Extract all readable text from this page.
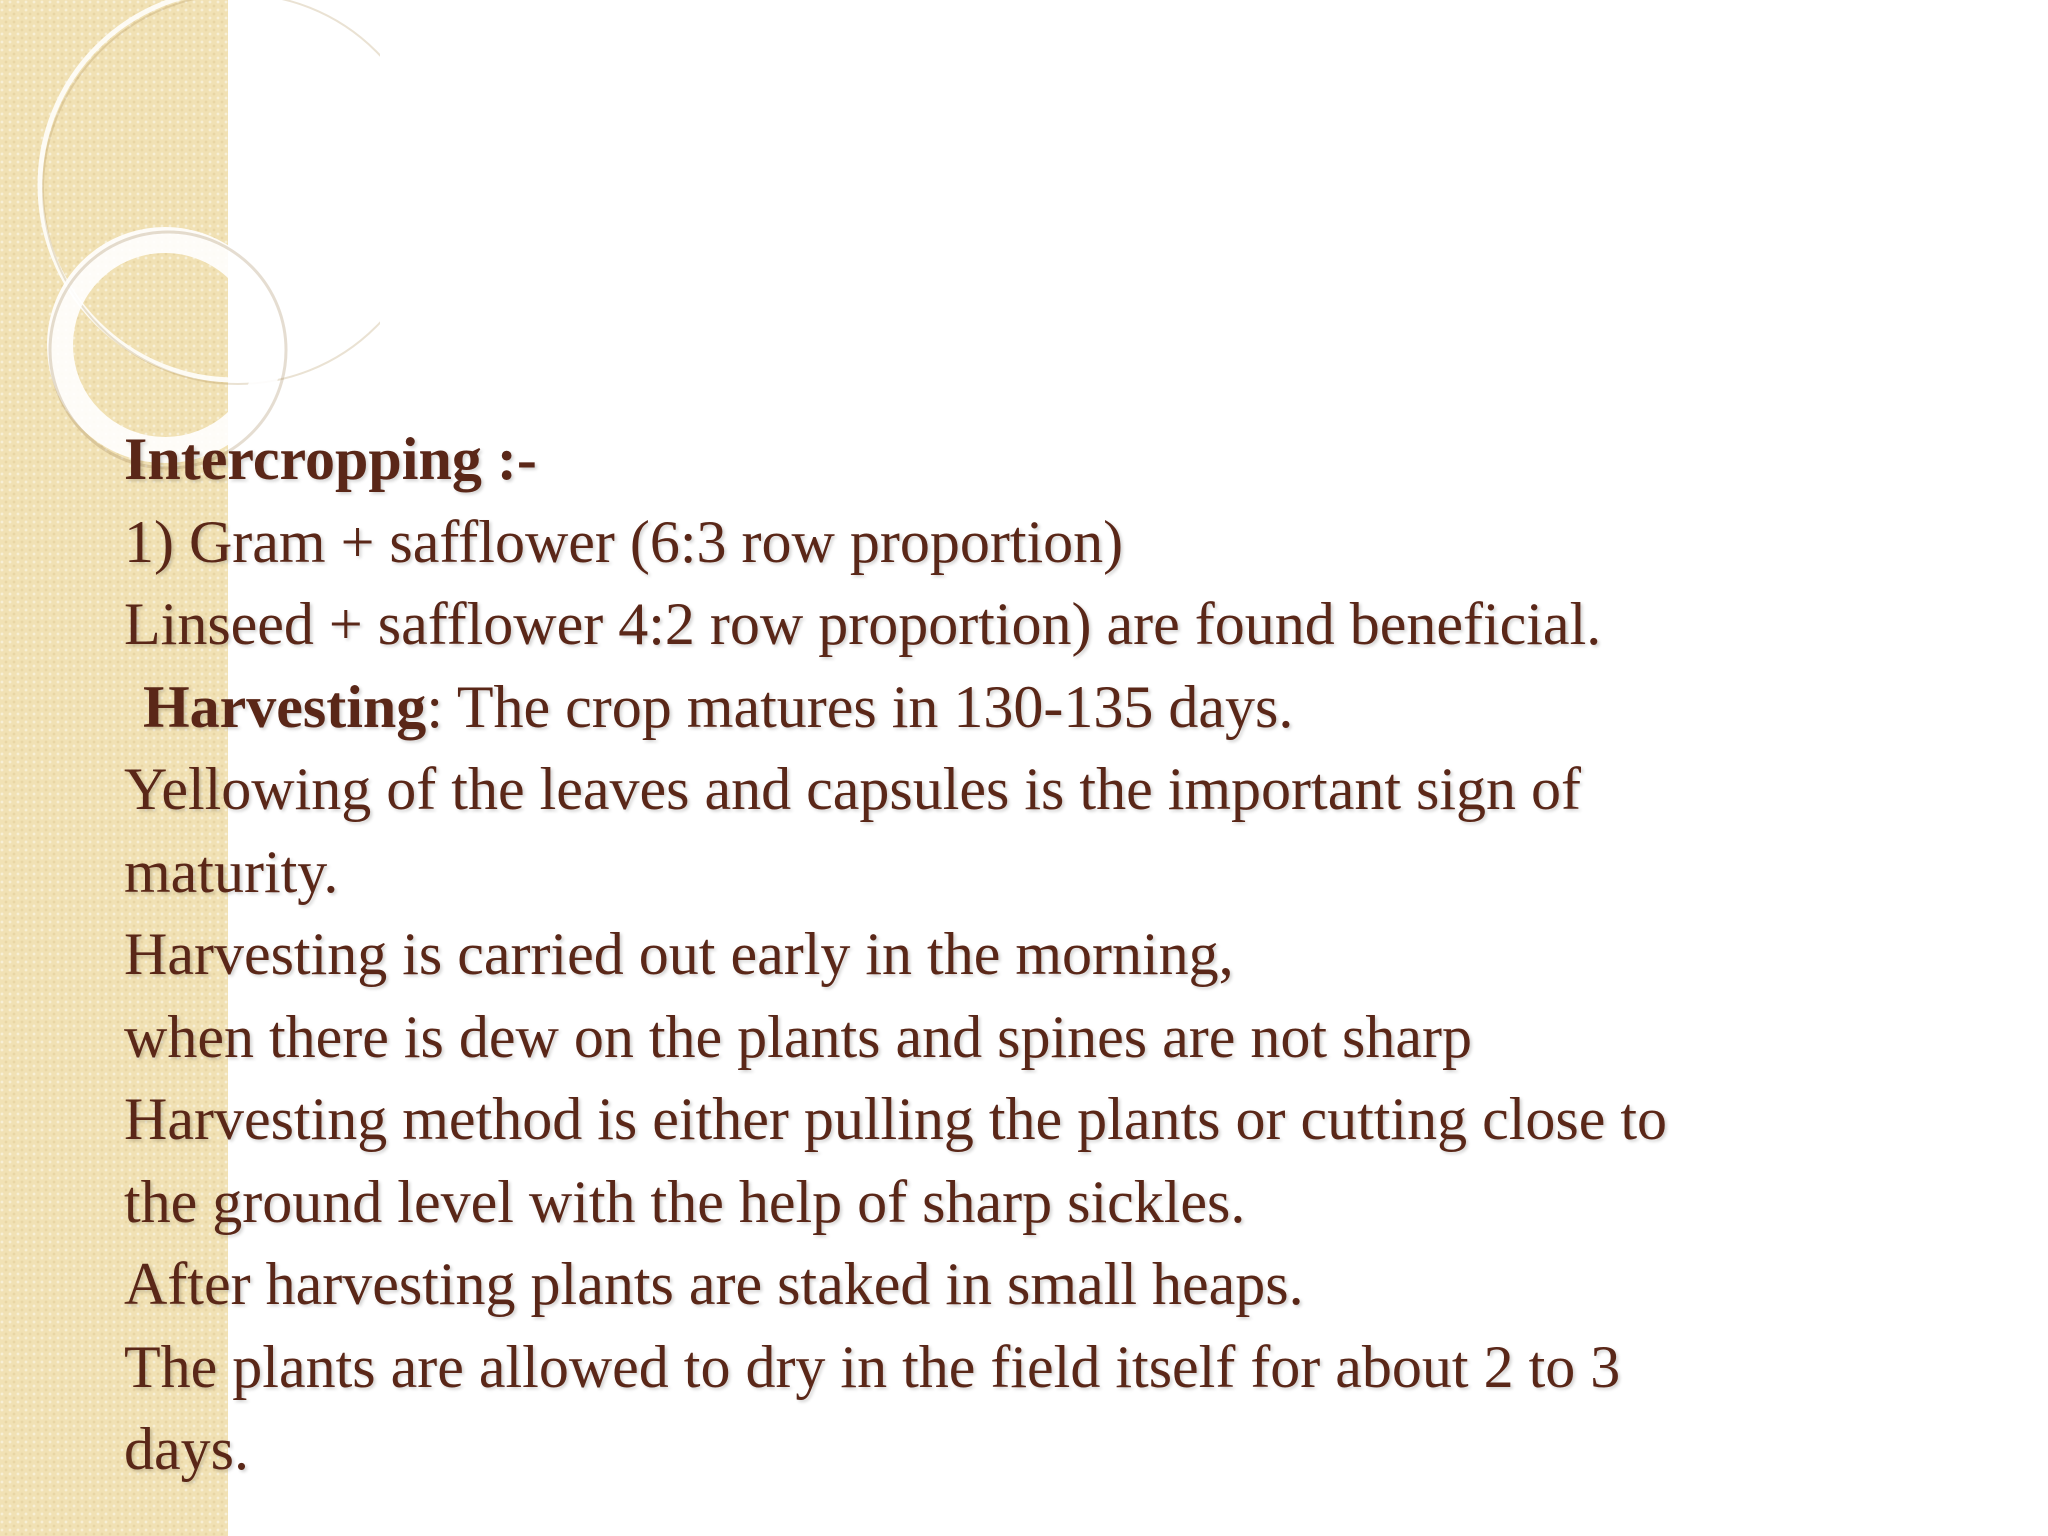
Intercropping :-
1) Gram + safflower (6:3 row proportion)
Linseed + safflower 4:2 row proportion) are found beneficial.
Harvesting: The crop matures in 130-135 days.
Yellowing of the leaves and capsules is the important sign of
maturity.
Harvesting is carried out early in the morning,
when there is dew on the plants and spines are not sharp
Harvesting method is either pulling the plants or cutting close to
the ground level with the help of sharp sickles.
After harvesting plants are staked in small heaps.
The plants are allowed to dry in the field itself for about 2 to 3
days.
